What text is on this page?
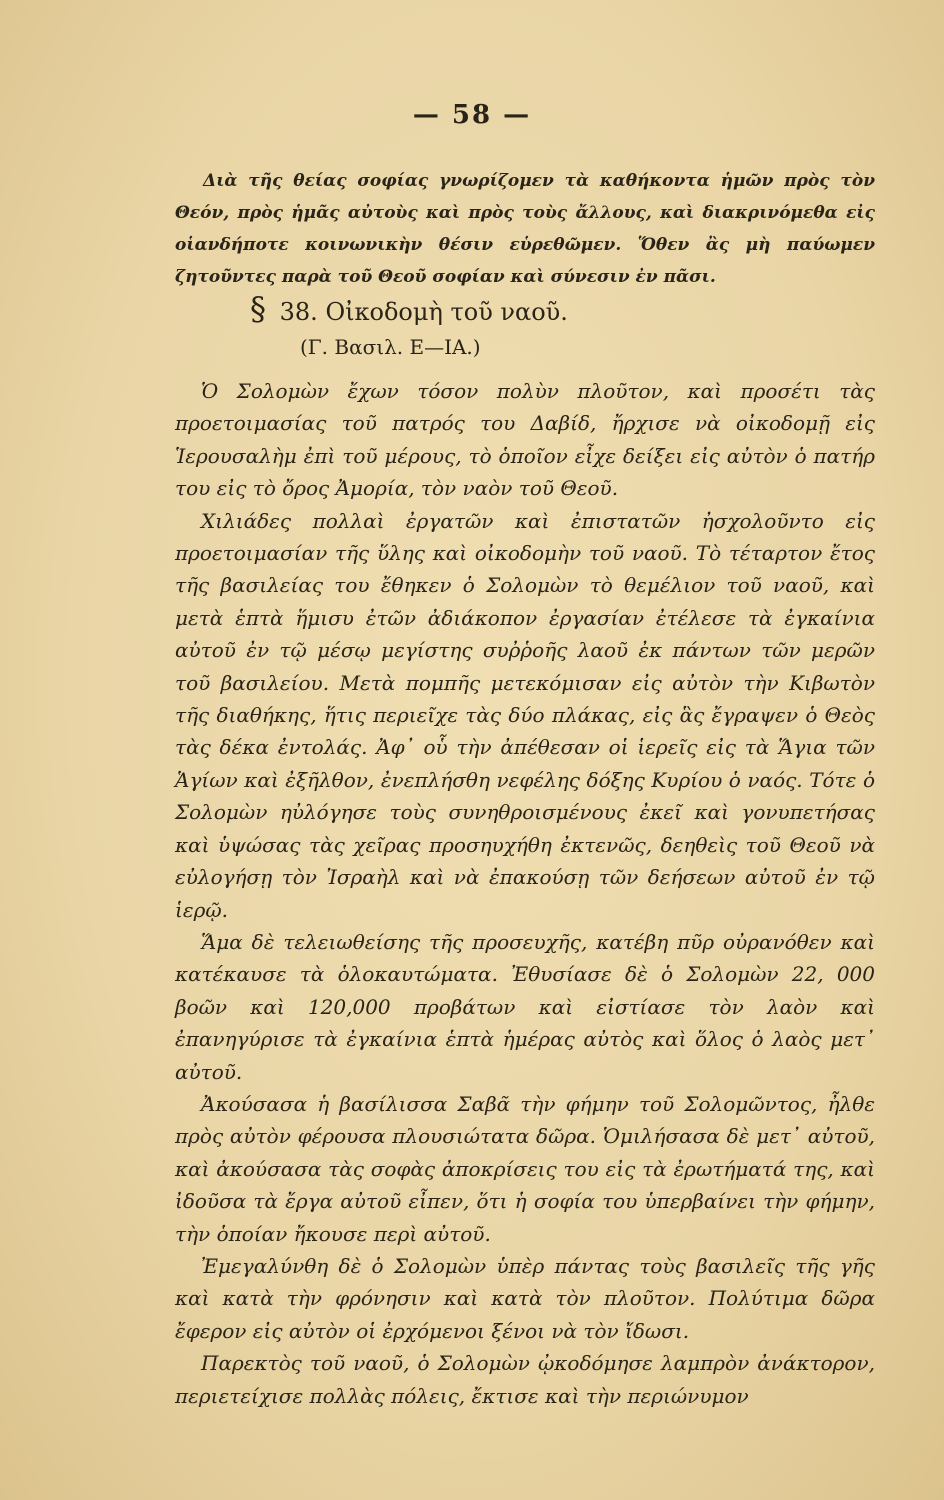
— 58 —

Διὰ τῆς θείας σοφίας γνωρίζομεν τὰ καθήκοντα ἡμῶν πρὸς τὸν Θεόν, πρὸς ἡμᾶς αὐτοὺς καὶ πρὸς τοὺς ἄλλους, καὶ διακρινόμεθα εἰς οἱανδήποτε κοινωνικὴν θέσιν εὑρεθῶμεν. Ὅθεν ἂς μὴ παύωμεν ζητοῦντες παρὰ τοῦ Θεοῦ σοφίαν καὶ σύνεσιν ἐν πᾶσι.

§ 38. Οἰκοδομὴ τοῦ ναοῦ.
(Γ. Βασιλ. Ε—ΙΑ.)

Ὁ Σολομὼν ἔχων τόσον πολὺν πλοῦτον, καὶ προσέτι τὰς προετοιμασίας τοῦ πατρός του Δαβίδ, ἤρχισε νὰ οἰκοδομῇ εἰς Ἱερουσαλὴμ ἐπὶ τοῦ μέρους, τὸ ὁποῖον εἶχε δείξει εἰς αὐτὸν ὁ πατήρ του εἰς τὸ ὄρος Ἀμορία, τὸν ναὸν τοῦ Θεοῦ.

Χιλιάδες πολλαὶ ἐργατῶν καὶ ἐπιστατῶν ἠσχολοῦντο εἰς προετοιμασίαν τῆς ὕλης καὶ οἰκοδομὴν τοῦ ναοῦ. Τὸ τέταρτον ἔτος τῆς βασιλείας του ἔθηκεν ὁ Σολομὼν τὸ θεμέλιον τοῦ ναοῦ, καὶ μετὰ ἑπτὰ ἥμισυ ἐτῶν ἀδιάκοπον ἐργασίαν ἐτέλεσε τὰ ἐγκαίνια αὐτοῦ ἐν τῷ μέσῳ μεγίστης συῤῥοῆς λαοῦ ἐκ πάντων τῶν μερῶν τοῦ βασιλείου. Μετὰ πομπῆς μετεκόμισαν εἰς αὐτὸν τὴν Κιβωτὸν τῆς διαθήκης, ἥτις περιεῖχε τὰς δύο πλάκας, εἰς ἃς ἔγραψεν ὁ Θεὸς τὰς δέκα ἐντολάς. Ἀφ᾿ οὗ τὴν ἀπέθεσαν οἱ ἱερεῖς εἰς τὰ Ἅγια τῶν Ἁγίων καὶ ἐξῆλθον, ἐνεπλήσθη νεφέλης δόξης Κυρίου ὁ ναός. Τότε ὁ Σολομὼν ηὐλόγησε τοὺς συνηθροισμένους ἐκεῖ καὶ γονυπετήσας καὶ ὑψώσας τὰς χεῖρας προσηυχήθη ἐκτενῶς, δεηθεὶς τοῦ Θεοῦ νὰ εὐλογήσῃ τὸν Ἰσραὴλ καὶ νὰ ἐπακούσῃ τῶν δεήσεων αὐτοῦ ἐν τῷ ἱερῷ.

Ἅμα δὲ τελειωθείσης τῆς προσευχῆς, κατέβη πῦρ οὐρανόθεν καὶ κατέκαυσε τὰ ὁλοκαυτώματα. Ἐθυσίασε δὲ ὁ Σολομὼν 22, 000 βοῶν καὶ 120,000 προβάτων καὶ εἰστίασε τὸν λαὸν καὶ ἐπανηγύρισε τὰ ἐγκαίνια ἑπτὰ ἡμέρας αὐτὸς καὶ ὅλος ὁ λαὸς μετ᾿ αὐτοῦ.

Ἀκούσασα ἡ βασίλισσα Σαβᾶ τὴν φήμην τοῦ Σολομῶντος, ἦλθε πρὸς αὐτὸν φέρουσα πλουσιώτατα δῶρα. Ὁμιλήσασα δὲ μετ᾿ αὐτοῦ, καὶ ἀκούσασα τὰς σοφὰς ἀποκρίσεις του εἰς τὰ ἐρωτήματά της, καὶ ἰδοῦσα τὰ ἔργα αὐτοῦ εἶπεν, ὅτι ἡ σοφία του ὑπερβαίνει τὴν φήμην, τὴν ὁποίαν ἤκουσε περὶ αὐτοῦ.

Ἐμεγαλύνθη δὲ ὁ Σολομὼν ὑπὲρ πάντας τοὺς βασιλεῖς τῆς γῆς καὶ κατὰ τὴν φρόνησιν καὶ κατὰ τὸν πλοῦτον. Πολύτιμα δῶρα ἔφερον εἰς αὐτὸν οἱ ἐρχόμενοι ξένοι νὰ τὸν ἴδωσι.

Παρεκτὸς τοῦ ναοῦ, ὁ Σολομὼν ᾠκοδόμησε λαμπρὸν ἀνάκτορον, περιετείχισε πολλὰς πόλεις, ἔκτισε καὶ τὴν περιώνυμον
